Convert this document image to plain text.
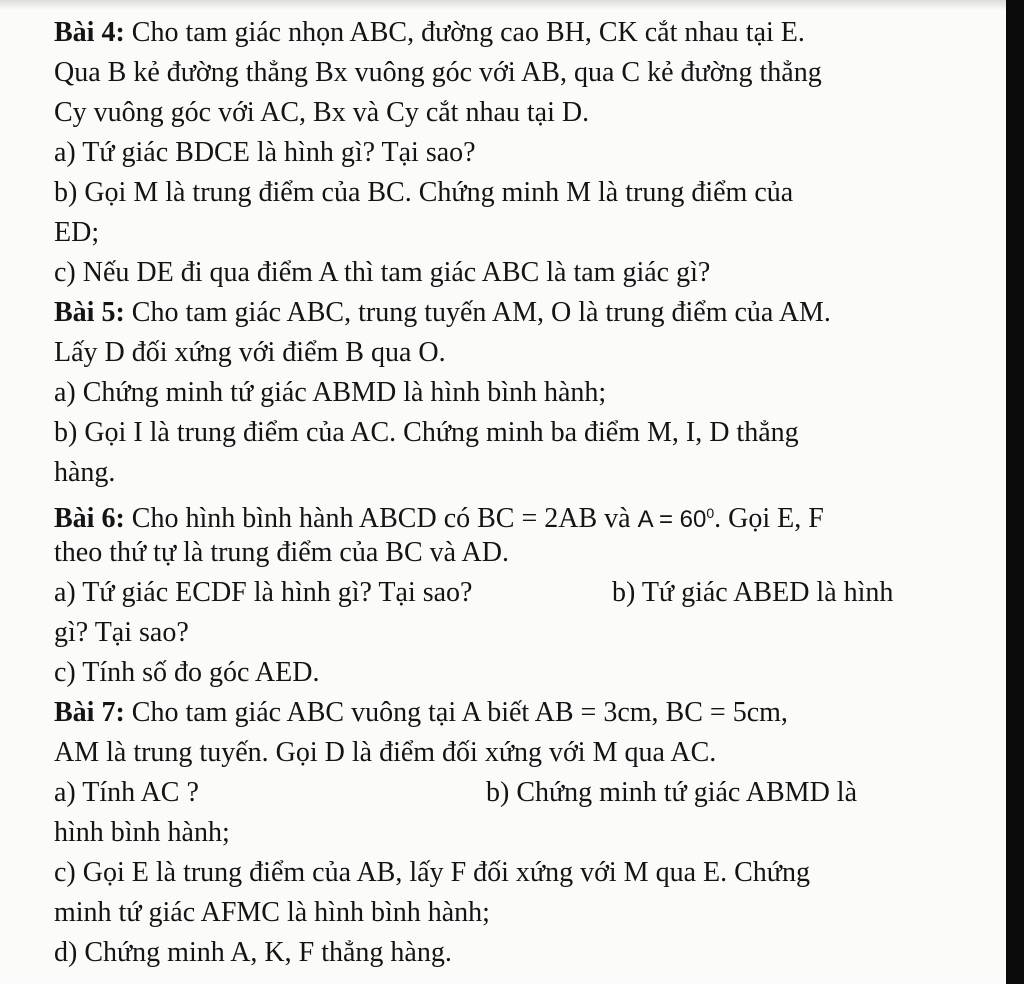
Bài 4: Cho tam giác nhọn ABC, đường cao BH, CK cắt nhau tại E.

Qua B kẻ đường thẳng Bx vuông góc với AB, qua C kẻ đường thẳng

Cy vuông góc với AC, Bx và Cy cắt nhau tại D.

a) Tứ giác BDCE là hình gì? Tại sao?

b) Gọi M là trung điểm của BC. Chứng minh M là trung điểm của

ED;

c) Nếu DE đi qua điểm A thì tam giác ABC là tam giác gì?

Bài 5: Cho tam giác ABC, trung tuyến AM, O là trung điểm của AM.

Lấy D đối xứng với điểm B qua O.

a) Chứng minh tứ giác ABMD là hình bình hành;

b) Gọi I là trung điểm của AC. Chứng minh ba điểm M, I, D thẳng

hàng.

Bài 6: Cho hình bình hành ABCD có BC = 2AB và $A = 60^0$. Gọi E, F

theo thứ tự là trung điểm của BC và AD.

a) Tứ giác ECDF là hình gì? Tại sao?	b) Tứ giác ABED là hình

gì? Tại sao?

c) Tính số đo góc AED.

Bài 7: Cho tam giác ABC vuông tại A biết AB = 3cm, BC = 5cm,

AM là trung tuyến. Gọi D là điểm đối xứng với M qua AC.

a) Tính AC ?	b) Chứng minh tứ giác ABMD là

hình bình hành;

c) Gọi E là trung điểm của AB, lấy F đối xứng với M qua E. Chứng

minh tứ giác AFMC là hình bình hành;

d) Chứng minh A, K, F thẳng hàng.
